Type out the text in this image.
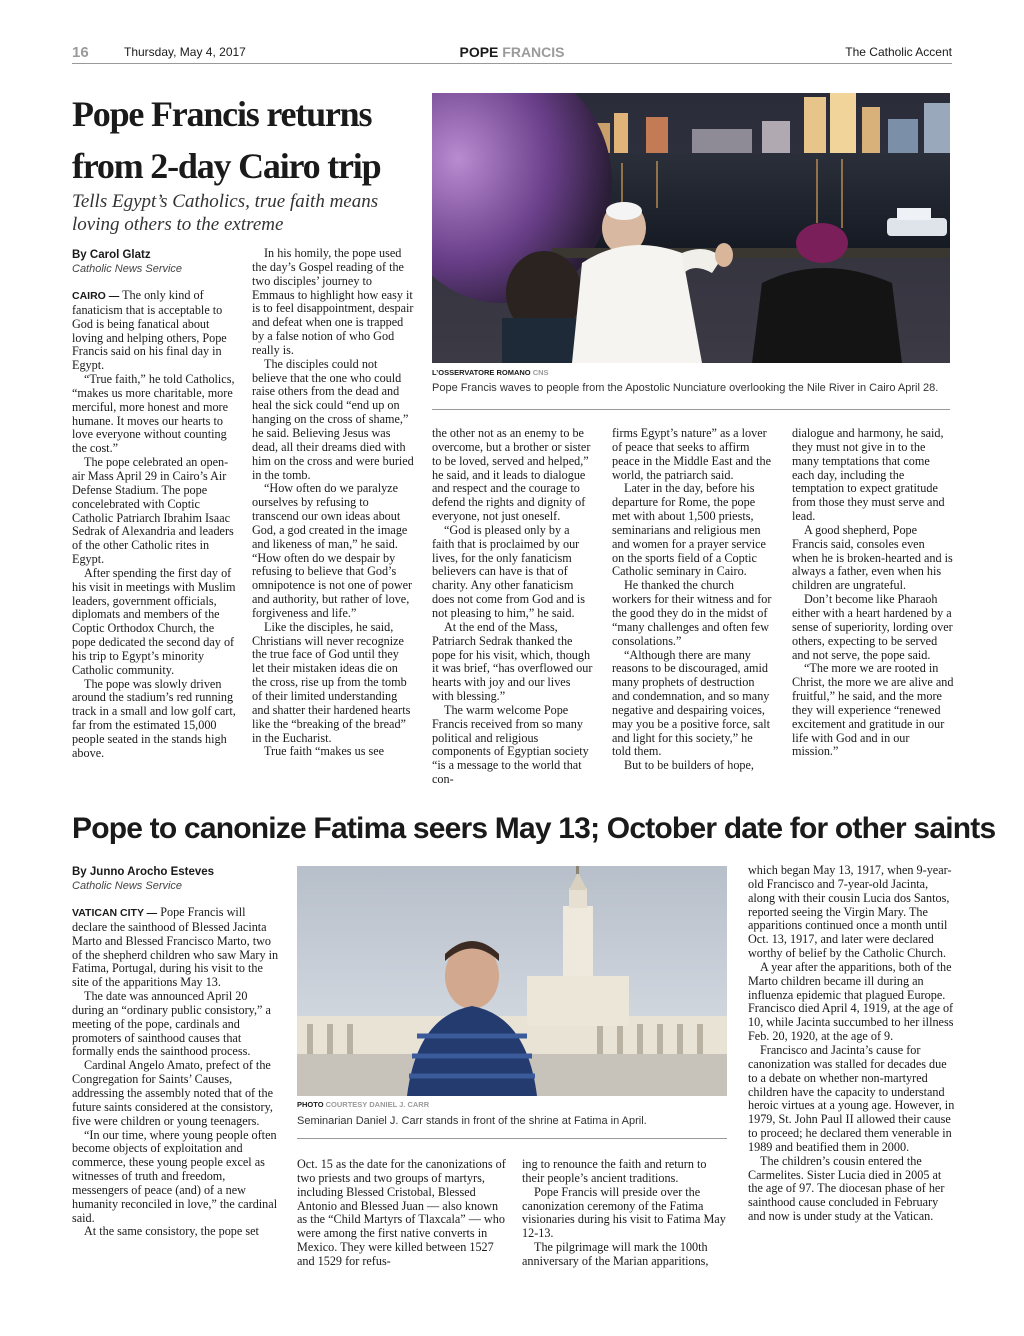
16	Thursday, May 4, 2017	POPE FRANCIS	The Catholic Accent
Pope Francis returns from 2-day Cairo trip
Tells Egypt’s Catholics, true faith means loving others to the extreme
By Carol Glatz
Catholic News Service

CAIRO — The only kind of fanaticism that is acceptable to God is being fanatical about loving and helping others, Pope Francis said on his final day in Egypt.

“True faith,” he told Catholics, “makes us more charitable, more merciful, more honest and more humane. It moves our hearts to love everyone without counting the cost.”

The pope celebrated an open-air Mass April 29 in Cairo’s Air Defense Stadium. The pope concelebrated with Coptic Catholic Patriarch Ibrahim Isaac Sedrak of Alexandria and leaders of the other Catholic rites in Egypt.

After spending the first day of his visit in meetings with Muslim leaders, government officials, diplomats and members of the Coptic Orthodox Church, the pope dedicated the second day of his trip to Egypt’s minority Catholic community.

The pope was slowly driven around the stadium’s red running track in a small and low golf cart, far from the estimated 15,000 people seated in the stands high above.

In his homily, the pope used the day’s Gospel reading of the two disciples’ journey to Emmaus to highlight how easy it is to feel disappointment, despair and defeat when one is trapped by a false notion of who God really is.

The disciples could not believe that the one who could raise others from the dead and heal the sick could “end up on hanging on the cross of shame,” he said. Believing Jesus was dead, all their dreams died with him on the cross and were buried in the tomb.

“How often do we paralyze ourselves by refusing to transcend our own ideas about God, a god created in the image and likeness of man,” he said. “How often do we despair by refusing to believe that God’s omnipotence is not one of power and authority, but rather of love, forgiveness and life.”

Like the disciples, he said, Christians will never recognize the true face of God until they let their mistaken ideas die on the cross, rise up from the tomb of their limited understanding and shatter their hardened hearts like the “breaking of the bread” in the Eucharist.

True faith “makes us see

the other not as an enemy to be overcome, but a brother or sister to be loved, served and helped,” he said, and it leads to dialogue and respect and the courage to defend the rights and dignity of everyone, not just oneself.

“God is pleased only by a faith that is proclaimed by our lives, for the only fanaticism believers can have is that of charity. Any other fanaticism does not come from God and is not pleasing to him,” he said.

At the end of the Mass, Patriarch Sedrak thanked the pope for his visit, which, though it was brief, “has overflowed our hearts with joy and our lives with blessing.”

The warm welcome Pope Francis received from so many political and religious components of Egyptian society “is a message to the world that con-

firms Egypt’s nature” as a lover of peace that seeks to affirm peace in the Middle East and the world, the patriarch said.

Later in the day, before his departure for Rome, the pope met with about 1,500 priests, seminarians and religious men and women for a prayer service on the sports field of a Coptic Catholic seminary in Cairo.

He thanked the church workers for their witness and for the good they do in the midst of “many challenges and often few consolations.”

“Although there are many reasons to be discouraged, amid many prophets of destruction and condemnation, and so many negative and despairing voices, may you be a positive force, salt and light for this society,” he told them.

But to be builders of hope,

dialogue and harmony, he said, they must not give in to the many temptations that come each day, including the temptation to expect gratitude from those they must serve and lead.

A good shepherd, Pope Francis said, consoles even when he is broken-hearted and is always a father, even when his children are ungrateful.

Don’t become like Pharaoh either with a heart hardened by a sense of superiority, lording over others, expecting to be served and not serve, the pope said.

“The more we are rooted in Christ, the more we are alive and fruitful,” he said, and the more they will experience “renewed excitement and gratitude in our life with God and in our mission.”

L’OSSERVATORE ROMANO CNS
Pope Francis waves to people from the Apostolic Nunciature overlooking the Nile River in Cairo April 28.
Pope to canonize Fatima seers May 13; October date for other saints
By Junno Arocho Esteves
Catholic News Service

VATICAN CITY — Pope Francis will declare the sainthood of Blessed Jacinta Marto and Blessed Francisco Marto, two of the shepherd children who saw Mary in Fatima, Portugal, during his visit to the site of the apparitions May 13.

The date was announced April 20 during an “ordinary public consistory,” a meeting of the pope, cardinals and promoters of sainthood causes that formally ends the sainthood process.

Cardinal Angelo Amato, prefect of the Congregation for Saints’ Causes, addressing the assembly noted that of the future saints considered at the consistory, five were children or young teenagers.

“In our time, where young people often become objects of exploitation and commerce, these young people excel as witnesses of truth and freedom, messengers of peace (and) of a new humanity reconciled in love,” the cardinal said.

At the same consistory, the pope set

Oct. 15 as the date for the canonizations of two priests and two groups of martyrs, including Blessed Cristobal, Blessed Antonio and Blessed Juan — also known as the “Child Martyrs of Tlaxcala” — who were among the first native converts in Mexico. They were killed between 1527 and 1529 for refus-

ing to renounce the faith and return to their people’s ancient traditions.

Pope Francis will preside over the canonization ceremony of the Fatima visionaries during his visit to Fatima May 12-13.

The pilgrimage will mark the 100th anniversary of the Marian apparitions,

which began May 13, 1917, when 9-year-old Francisco and 7-year-old Jacinta, along with their cousin Lucia dos Santos, reported seeing the Virgin Mary. The apparitions continued once a month until Oct. 13, 1917, and later were declared worthy of belief by the Catholic Church.

A year after the apparitions, both of the Marto children became ill during an influenza epidemic that plagued Europe. Francisco died April 4, 1919, at the age of 10, while Jacinta succumbed to her illness Feb. 20, 1920, at the age of 9.

Francisco and Jacinta’s cause for canonization was stalled for decades due to a debate on whether non-martyred children have the capacity to understand heroic virtues at a young age. However, in 1979, St. John Paul II allowed their cause to proceed; he declared them venerable in 1989 and beatified them in 2000.

The children’s cousin entered the Carmelites. Sister Lucia died in 2005 at the age of 97. The diocesan phase of her sainthood cause concluded in February and now is under study at the Vatican.

PHOTO COURTESY DANIEL J. CARR
Seminarian Daniel J. Carr stands in front of the shrine at Fatima in April.
